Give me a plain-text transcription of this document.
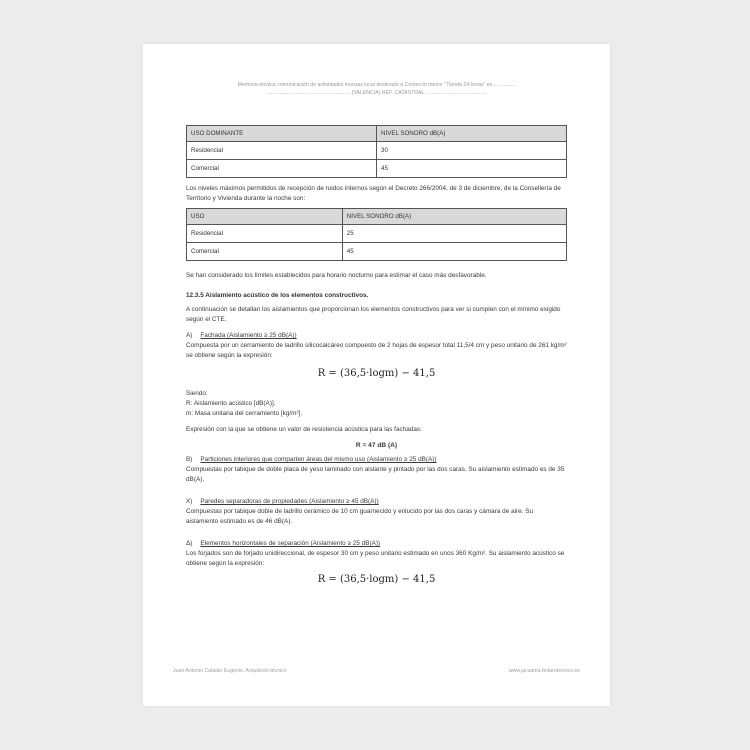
Memoria técnica comunicación de actividades inocuas local destinado a Comercio menor "Tienda 24 horas" es ...............
.......................................................... (VALENCIA) REF. CATASTRAL: .........................................
USO DOMINANTE	NIVEL SONORO dB(A)
Residencial	30
Comercial	45

Los niveles máximos permitidos de recepción de ruidos internos según el Decreto 266/2004, de 3 de diciembre, de la Consellería de Territorio y Vivienda durante la noche son:

USO	NIVEL SONORO dB(A)
Residencial	25
Comercial	45

Se han considerado los límites establecidos para horario nocturno para estimar el caso más desfavorable.

12.3.5 Aislamiento acústico de los elementos constructivos.

A continuación se detallan los aislamientos que proporcionan los elementos constructivos para ver si cumplen con el mínimo exigido según el CTE.

A) Fachada (Aislamiento ≥ 25 dB(A))

Compuesta por un cerramiento de ladrillo silicocalcáreo compuesto de 2 hojas de espesor total 11,5/4 cm y peso unitario de 261 kg/m² se obtiene según la expresión:

R = (36,5·logm) − 41,5

Siendo:

R: Aislamiento acústico [dB(A)].

m: Masa unitaria del cerramiento [kg/m²].

Expresión con la que se obtiene un valor de resistencia acústica para las fachadas:

R = 47 dB (A)
B) Particiones interiores que comparten áreas del mismo uso (Aislamiento ≥ 25 dB(A))

Compuestas por tabique de doble placa de yeso laminado con aislante y pintado por las dos caras. Su aislamiento estimado es de 35 dB(A).

X) Paredes separadoras de propiedades (Aislamiento ≥ 45 dB(A))

Compuestas por tabique doble de ladrillo cerámico de 10 cm guarnecido y enlucido por las dos caras y cámara de aire. Su aislamiento estimado es de 46 dB(A).

Δ) Elementos horizontales de separación (Aislamiento ≥ 25 dB(A))

Los forjados son de forjado unidireccional, de espesor 30 cm y peso unitario estimado en unos 360 Kg/m². Su aislamiento acústico se obtiene según la expresión:

R = (36,5·logm) − 41,5
Juan Antonio Catalán Eugenio. Arquitecto técnico	www.jacsama.fedarotecnico.es
